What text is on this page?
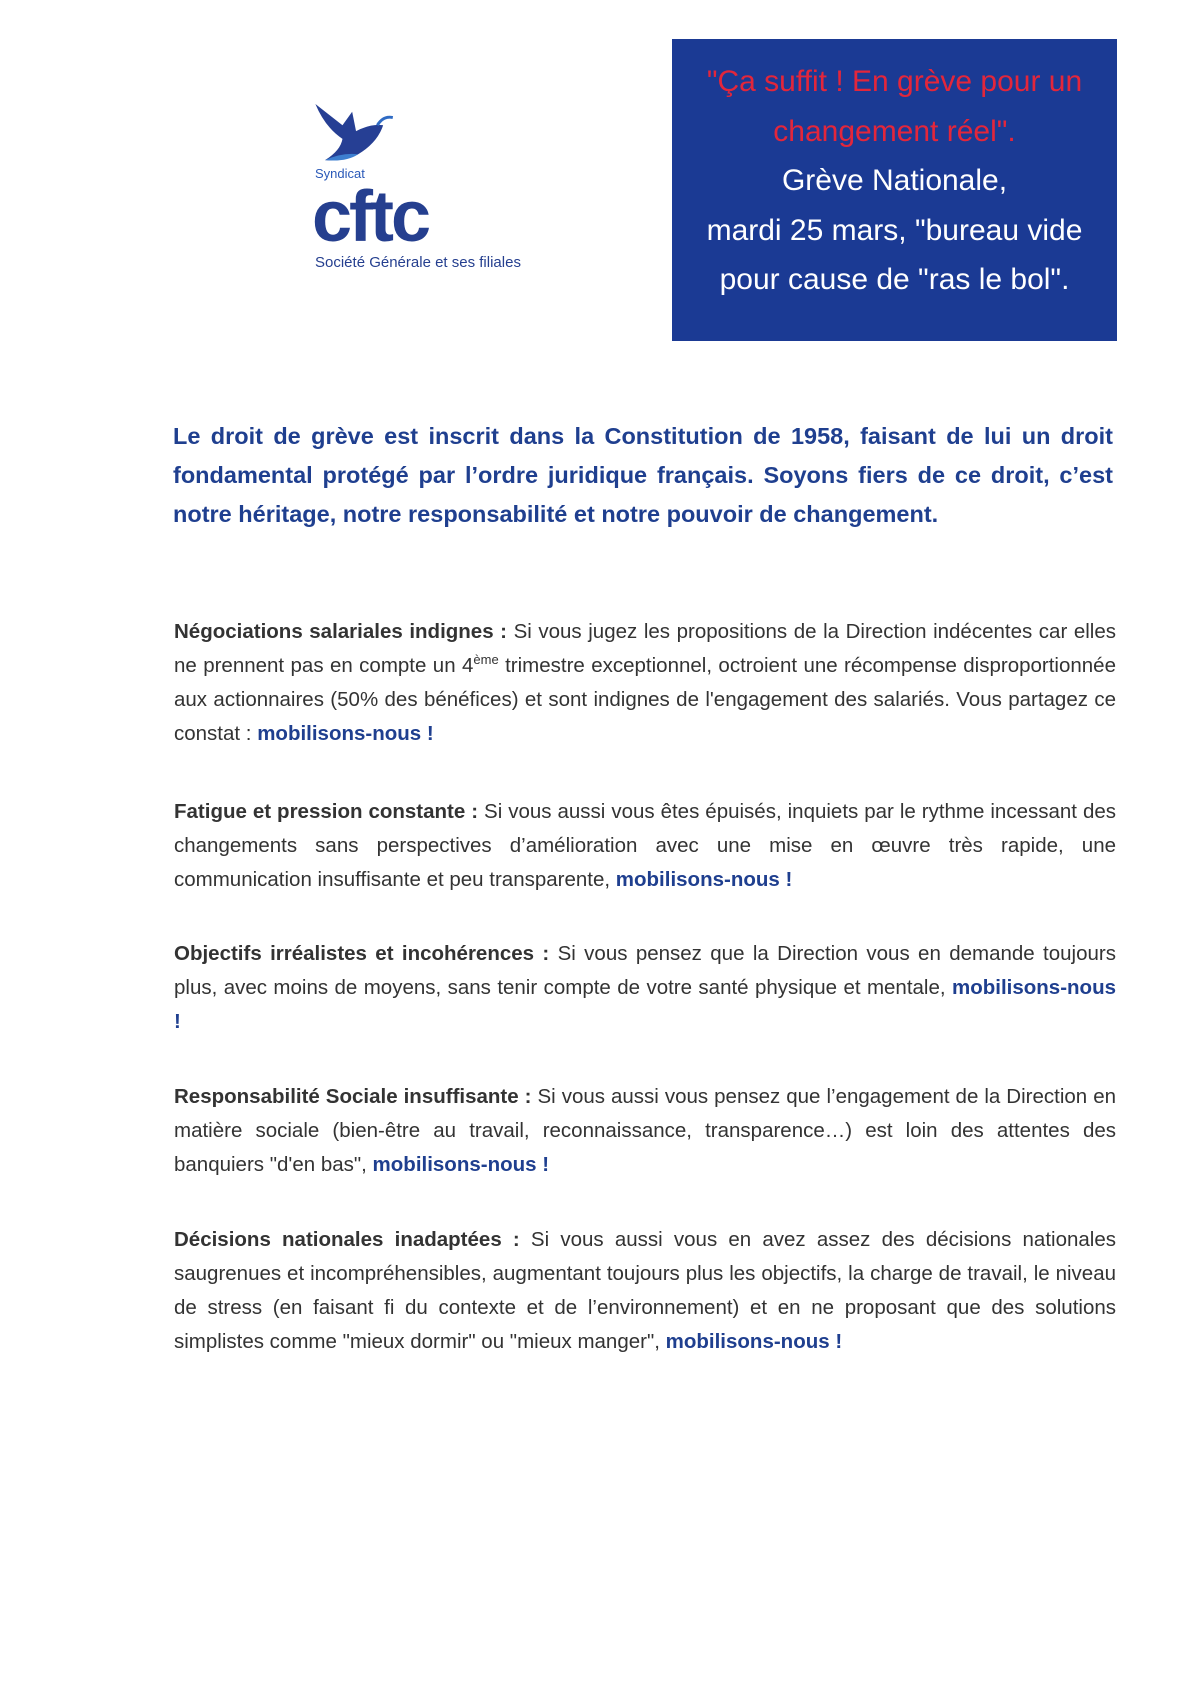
Syndicat
cftc
Société Générale et ses filiales
"Ça suffit ! En grève pour un
changement réel".
Grève Nationale,
mardi 25 mars, "bureau vide
pour cause de "ras le bol".
Le droit de grève est inscrit dans la Constitution de 1958, faisant de lui un droit fondamental protégé par l’ordre juridique français. Soyons fiers de ce droit, c’est notre héritage, notre responsabilité et notre pouvoir de changement.
Négociations salariales indignes : Si vous jugez les propositions de la Direction indécentes car elles ne prennent pas en compte un 4ème trimestre exceptionnel, octroient une récompense disproportionnée aux actionnaires (50% des bénéfices) et sont indignes de l'engagement des salariés. Vous partagez ce constat : mobilisons-nous !
Fatigue et pression constante : Si vous aussi vous êtes épuisés, inquiets par le rythme incessant des changements sans perspectives d’amélioration avec une mise en œuvre très rapide, une communication insuffisante et peu transparente, mobilisons-nous !
Objectifs irréalistes et incohérences : Si vous pensez que la Direction vous en demande toujours plus, avec moins de moyens, sans tenir compte de votre santé physique et mentale, mobilisons-nous !
Responsabilité Sociale insuffisante : Si vous aussi vous pensez que l’engagement de la Direction en matière sociale (bien-être au travail, reconnaissance, transparence…) est loin des attentes des banquiers "d'en bas", mobilisons-nous !
Décisions nationales inadaptées : Si vous aussi vous en avez assez des décisions nationales saugrenues et incompréhensibles, augmentant toujours plus les objectifs, la charge de travail, le niveau de stress (en faisant fi du contexte et de l’environnement) et en ne proposant que des solutions simplistes comme "mieux dormir" ou "mieux manger", mobilisons-nous !
